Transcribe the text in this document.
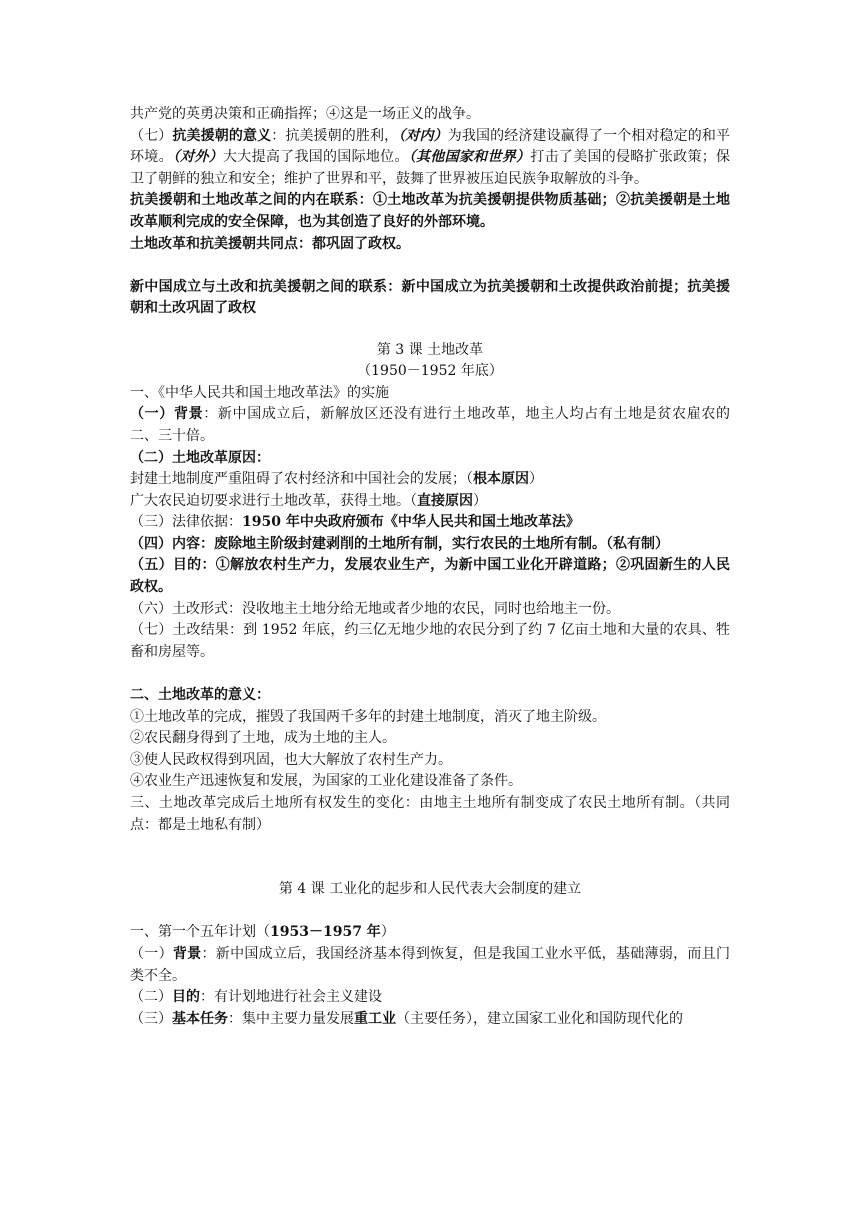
共产党的英勇决策和正确指挥；④这是一场正义的战争。

（七）抗美援朝的意义：抗美援朝的胜利，（对内）为我国的经济建设赢得了一个相对稳定的和平环境。（对外）大大提高了我国的国际地位。（其他国家和世界）打击了美国的侵略扩张政策；保卫了朝鲜的独立和安全；维护了世界和平，鼓舞了世界被压迫民族争取解放的斗争。

抗美援朝和土地改革之间的内在联系：①土地改革为抗美援朝提供物质基础；②抗美援朝是土地改革顺利完成的安全保障，也为其创造了良好的外部环境。

土地改革和抗美援朝共同点：都巩固了政权。

新中国成立与土改和抗美援朝之间的联系：新中国成立为抗美援朝和土改提供政治前提；抗美援朝和土改巩固了政权

第 3 课 土地改革

（1950－1952 年底）

一、《中华人民共和国土地改革法》的实施

（一）背景：新中国成立后，新解放区还没有进行土地改革，地主人均占有土地是贫农雇农的二、三十倍。

（二）土地改革原因：

封建土地制度严重阻碍了农村经济和中国社会的发展；（根本原因）

广大农民迫切要求进行土地改革，获得土地。（直接原因）

（三）法律依据：1950 年中央政府颁布《中华人民共和国土地改革法》

（四）内容：废除地主阶级封建剥削的土地所有制，实行农民的土地所有制。（私有制）

（五）目的：①解放农村生产力，发展农业生产，为新中国工业化开辟道路；②巩固新生的人民政权。

（六）土改形式：没收地主土地分给无地或者少地的农民，同时也给地主一份。

（七）土改结果：到 1952 年底，约三亿无地少地的农民分到了约 7 亿亩土地和大量的农具、牲畜和房屋等。

二、土地改革的意义：

①土地改革的完成，摧毁了我国两千多年的封建土地制度，消灭了地主阶级。

②农民翻身得到了土地，成为土地的主人。

③使人民政权得到巩固，也大大解放了农村生产力。

④农业生产迅速恢复和发展，为国家的工业化建设准备了条件。

三、土地改革完成后土地所有权发生的变化：由地主土地所有制变成了农民土地所有制。（共同点：都是土地私有制）

第 4 课 工业化的起步和人民代表大会制度的建立

一、第一个五年计划（1953－1957 年）

（一）背景：新中国成立后，我国经济基本得到恢复，但是我国工业水平低，基础薄弱，而且门类不全。

（二）目的：有计划地进行社会主义建设

（三）基本任务：集中主要力量发展重工业（主要任务），建立国家工业化和国防现代化的
